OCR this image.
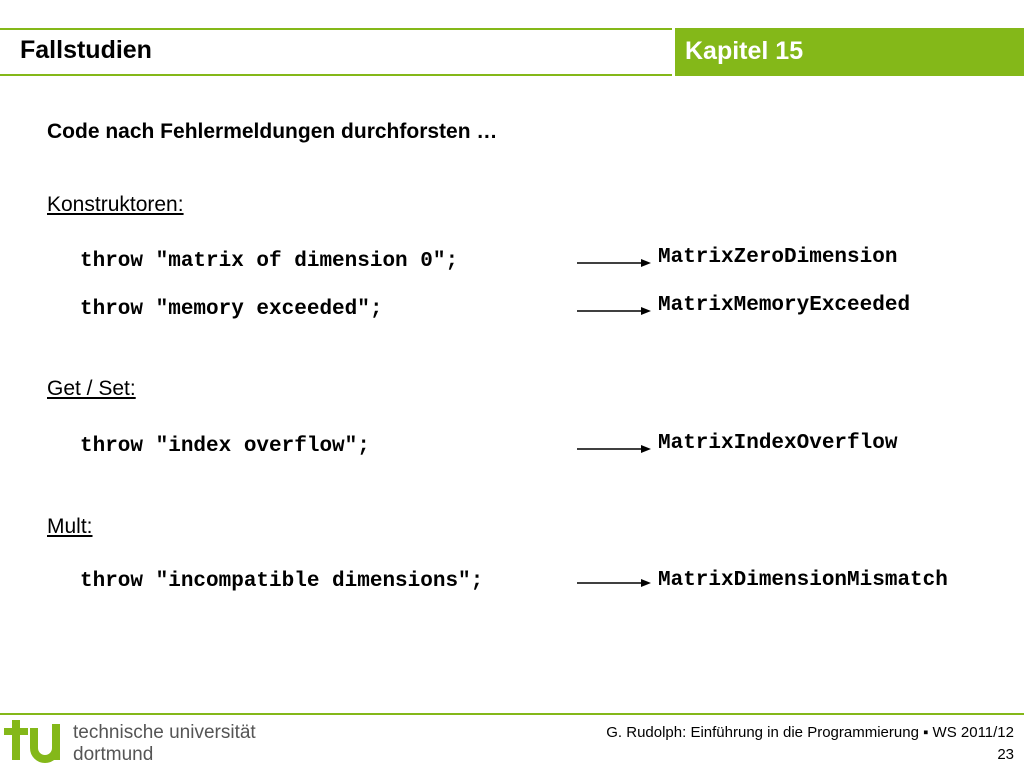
Fallstudien	Kapitel 15
Code nach Fehlermeldungen durchforsten …
Konstruktoren:
throw "matrix of dimension 0";	MatrixZeroDimension
throw "memory exceeded";	MatrixMemoryExceeded
Get / Set:
throw "index overflow";	MatrixIndexOverflow
Mult:
throw "incompatible dimensions";	MatrixDimensionMismatch
technische universität
dortmund
G. Rudolph: Einführung in die Programmierung ▪ WS 2011/12
23
